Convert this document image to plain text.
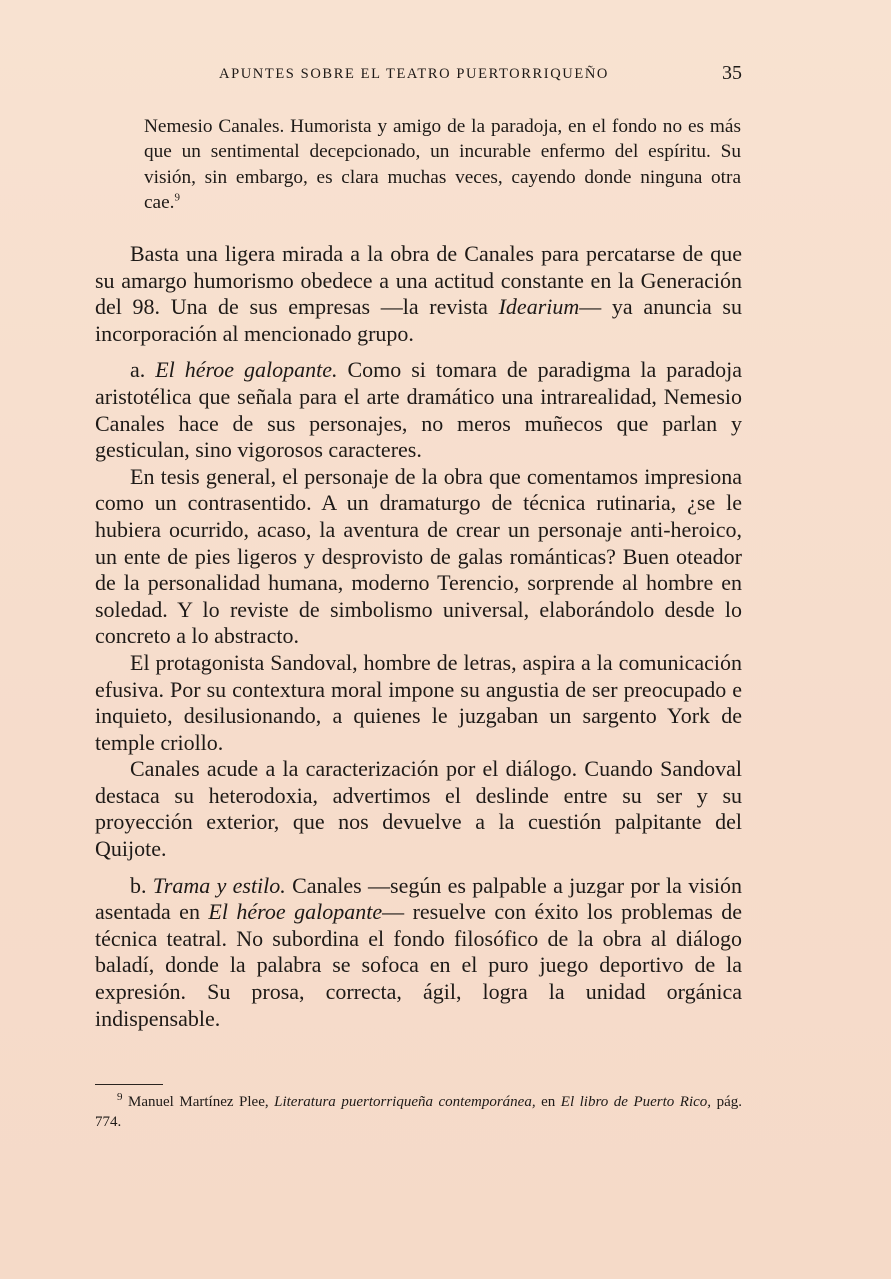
APUNTES SOBRE EL TEATRO PUERTORRIQUEÑO	35
Nemesio Canales. Humorista y amigo de la paradoja, en el fondo no es más que un sentimental decepcionado, un incurable enfermo del espíritu. Su visión, sin embargo, es clara muchas veces, cayendo donde ninguna otra cae.$^9$

Basta una ligera mirada a la obra de Canales para percatarse de que su amargo humorismo obedece a una actitud constante en la Generación del 98. Una de sus empresas —la revista Idearium— ya anuncia su incorporación al mencionado grupo.

a. El héroe galopante. Como si tomara de paradigma la paradoja aristotélica que señala para el arte dramático una intrarealidad, Nemesio Canales hace de sus personajes, no meros muñecos que parlan y gesticulan, sino vigorosos caracteres.

En tesis general, el personaje de la obra que comentamos impresiona como un contrasentido. A un dramaturgo de técnica rutinaria, ¿se le hubiera ocurrido, acaso, la aventura de crear un personaje anti-heroico, un ente de pies ligeros y desprovisto de galas románticas? Buen oteador de la personalidad humana, moderno Terencio, sorprende al hombre en soledad. Y lo reviste de simbolismo universal, elaborándolo desde lo concreto a lo abstracto.

El protagonista Sandoval, hombre de letras, aspira a la comunicación efusiva. Por su contextura moral impone su angustia de ser preocupado e inquieto, desilusionando, a quienes le juzgaban un sargento York de temple criollo.

Canales acude a la caracterización por el diálogo. Cuando Sandoval destaca su heterodoxia, advertimos el deslinde entre su ser y su proyección exterior, que nos devuelve a la cuestión palpitante del Quijote.

b. Trama y estilo. Canales —según es palpable a juzgar por la visión asentada en El héroe galopante— resuelve con éxito los problemas de técnica teatral. No subordina el fondo filosófico de la obra al diálogo baladí, donde la palabra se sofoca en el puro juego deportivo de la expresión. Su prosa, correcta, ágil, logra la unidad orgánica indispensable.

$^9$ Manuel Martínez Plee, Literatura puertorriqueña contemporánea, en El libro de Puerto Rico, pág. 774.
